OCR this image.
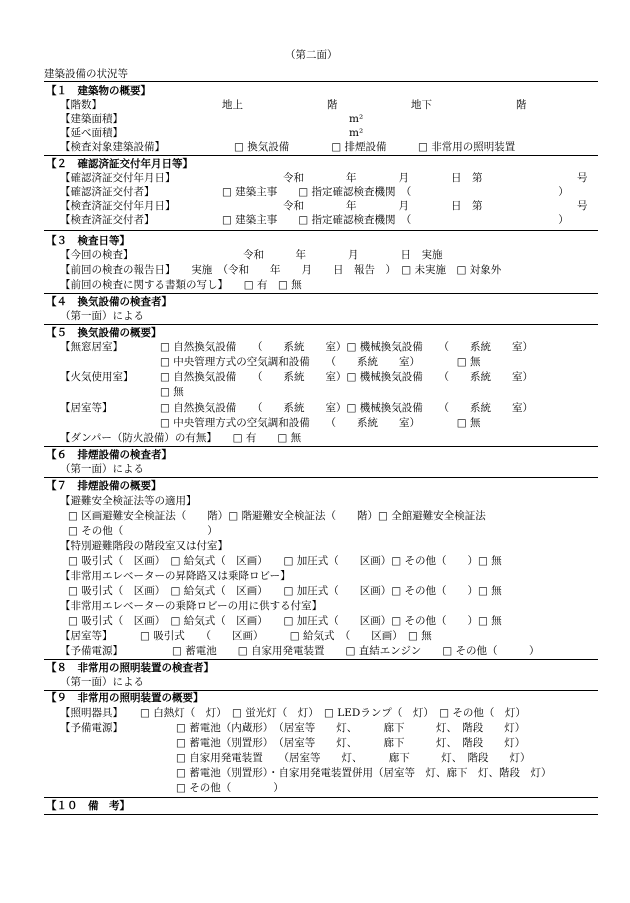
（第二面）
建築設備の状況等
【１　建築物の概要】
【階数】	地上　　　　　　　　階　　　　　　　地下　　　　　　　　階
【建築面積】	m²
【延べ面積】	m²
【検査対象建築設備】	□ 換気設備　　　　□ 排煙設備　　　□ 非常用の照明装置
【２　確認済証交付年月日等】
【確認済証交付年月日】	令和　　　　年　　　　月　　　　日　第　　　　　　　　　号
【確認済証交付者】	□ 建築主事　　□ 指定確認検査機関　（　　　　　　　　　　　　　　）
【検査済証交付年月日】	令和　　　　年　　　　月　　　　日　第　　　　　　　　　号
【検査済証交付者】	□ 建築主事　　□ 指定確認検査機関　（　　　　　　　　　　　　　　）
【３　検査日等】
【今回の検査】	令和　　　年　　　　月　　　　日　実施
【前回の検査の報告日】　　実施　（令和　　年　　月　　日　報告　）　□ 未実施　□ 対象外
【前回の検査に関する書類の写し】　　□ 有　□ 無
【４　換気設備の検査者】
（第一面）による
【５　換気設備の概要】
【無窓居室】	□ 自然換気設備　　（　　系統　　室）□ 機械換気設備　　（　　系統　　室）
□ 中央管理方式の空気調和設備　　（　　系統　　室）　　　　□ 無
【火気使用室】	□ 自然換気設備　　（　　系統　　室）□ 機械換気設備　　（　　系統　　室）
□ 無
【居室等】	□ 自然換気設備　　（　　系統　　室）□ 機械換気設備　　（　　系統　　室）
□ 中央管理方式の空気調和設備　　（　　系統　　室）　　　　□ 無
【ダンパー（防火設備）の有無】　　□ 有　　□ 無
【６　排煙設備の検査者】
（第一面）による
【７　排煙設備の概要】
【避難安全検証法等の適用】
□ 区画避難安全検証法（　　階）□ 階避難安全検証法（　　階）□ 全館避難安全検証法
□ その他（　　　　　　　　）
【特別避難階段の階段室又は付室】
□ 吸引式（　区画）　□ 給気式（　区画）　　□ 加圧式（　　区画）□ その他（　　）□ 無
【非常用エレベーターの昇降路又は乗降ロビー】
□ 吸引式（　区画）　□ 給気式（　区画）　　□ 加圧式（　　区画）□ その他（　　）□ 無
【非常用エレベーターの乗降ロビーの用に供する付室】
□ 吸引式（　区画）　□ 給気式（　区画）　　□ 加圧式（　　区画）□ その他（　　）□ 無
【居室等】	□ 吸引式　　（　　区画）　　　□ 給気式　（　　区画）　□ 無
【予備電源】	□ 蓄電池　　□ 自家用発電装置　　□ 直結エンジン　　□ その他（　　　）
【８　非常用の照明装置の検査者】
（第一面）による
【９　非常用の照明装置の概要】
【照明器具】 □ 白熱灯（　灯）　□ 蛍光灯（　灯）　□ LEDランプ（　灯）　□ その他（　灯）
【予備電源】	□ 蓄電池（内蔵形）　（居室等　　灯、　　　廊下　　　灯、　階段　　灯）
□ 蓄電池（別置形）　（居室等　　灯、　　　廊下　　　灯、　階段　　灯）
□ 自家用発電装置　　（居室等　　灯、　　　廊下　　　灯、　階段　　灯）
□ 蓄電池（別置形）・自家用発電装置併用（居室等　灯、廊下　灯、階段　灯）
□ その他（　　　　）
【１０　備　考】
